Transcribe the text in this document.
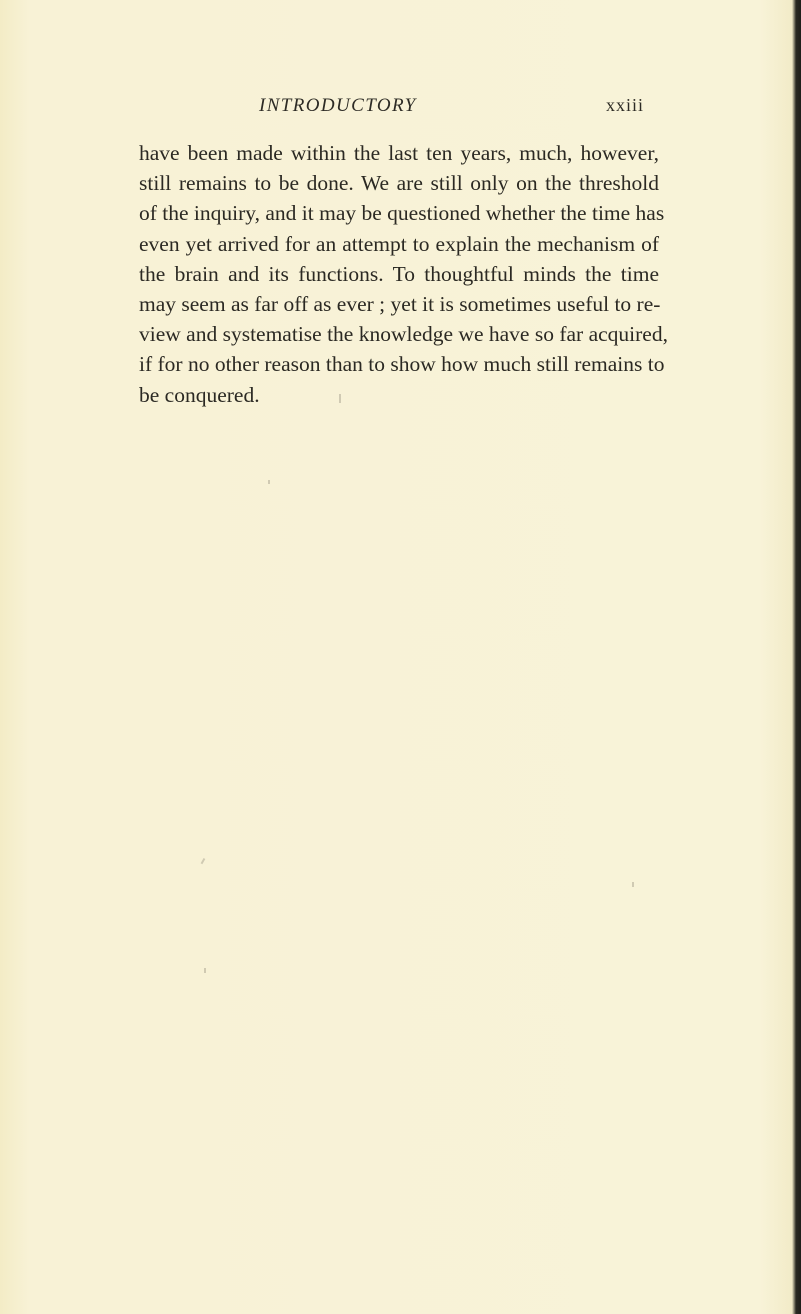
INTRODUCTORY	xxiii
have been made within the last ten years, much, however,
still remains to be done. We are still only on the threshold
of the inquiry, and it may be questioned whether the time has
even yet arrived for an attempt to explain the mechanism of
the brain and its functions. To thoughtful minds the time
may seem as far off as ever ; yet it is sometimes useful to re-
view and systematise the knowledge we have so far acquired,
if for no other reason than to show how much still remains to
be conquered.
